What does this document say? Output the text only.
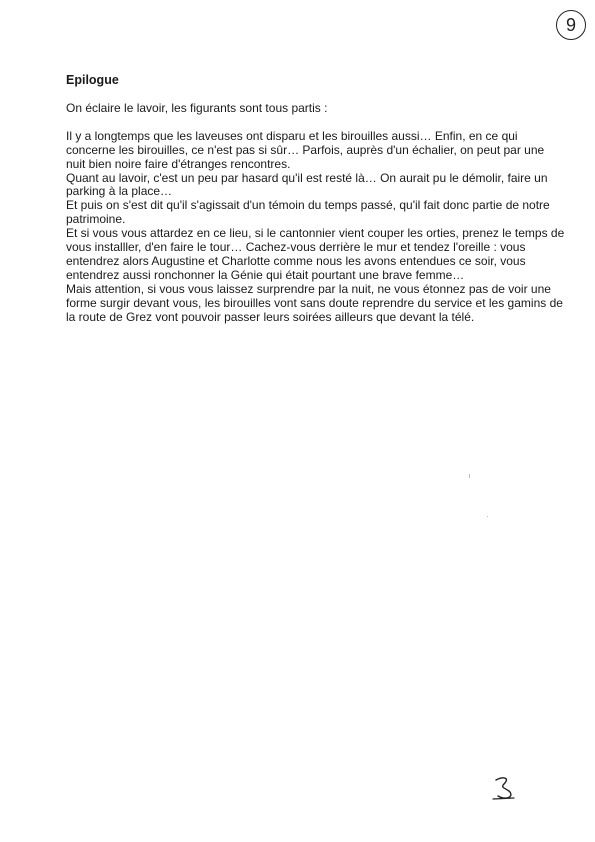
9
Epilogue

On éclaire le lavoir, les figurants sont tous partis :

Il y a longtemps que les laveuses ont disparu et les birouilles aussi… Enfin, en ce qui concerne les birouilles, ce n'est pas si sûr… Parfois, auprès d'un échalier, on peut par une nuit bien noire faire d'étranges rencontres.

Quant au lavoir, c'est un peu par hasard qu'il est resté là… On aurait pu le démolir, faire un parking à la place…

Et puis on s'est dit qu'il s'agissait d'un témoin du temps passé, qu'il fait donc partie de notre patrimoine.

Et si vous vous attardez en ce lieu, si le cantonnier vient couper les orties, prenez le temps de vous installler, d'en faire le tour… Cachez-vous derrière le mur et tendez l'oreille : vous entendrez alors Augustine et Charlotte comme nous les avons entendues ce soir, vous entendrez aussi ronchonner la Génie qui était pourtant une brave femme…

Mais attention, si vous vous laissez surprendre par la nuit, ne vous étonnez pas de voir une forme surgir devant vous, les birouilles vont sans doute reprendre du service et les gamins de la route de Grez vont pouvoir passer leurs soirées ailleurs que devant la télé.
